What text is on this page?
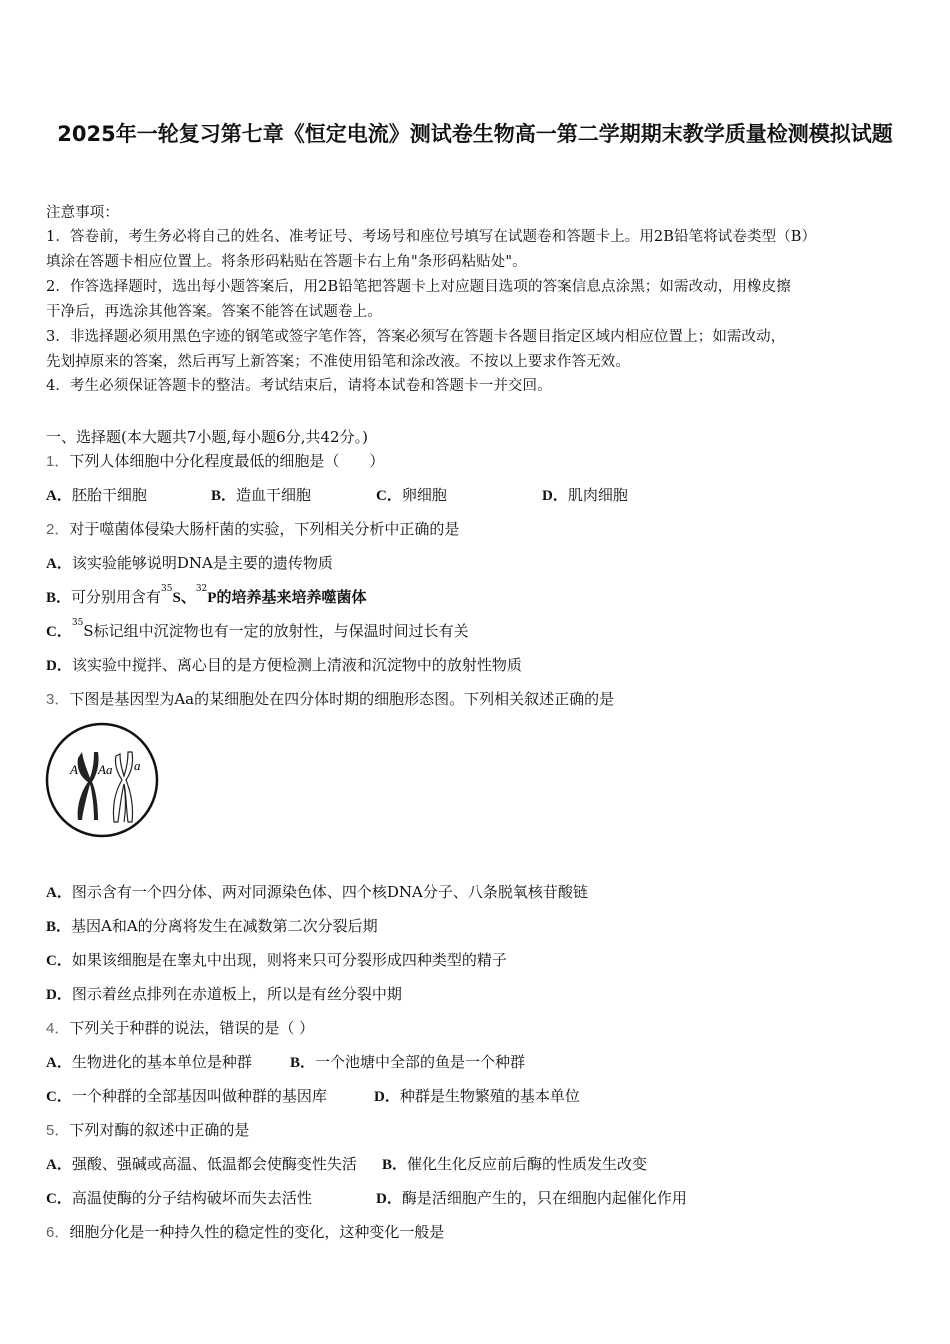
2025年一轮复习第七章《恒定电流》测试卷生物高一第二学期期末教学质量检测模拟试题
注意事项：
1．答卷前，考生务必将自己的姓名、准考证号、考场号和座位号填写在试题卷和答题卡上。用2B铅笔将试卷类型（B）
填涂在答题卡相应位置上。将条形码粘贴在答题卡右上角"条形码粘贴处"。
2．作答选择题时，选出每小题答案后，用2B铅笔把答题卡上对应题目选项的答案信息点涂黑；如需改动，用橡皮擦
干净后，再选涂其他答案。答案不能答在试题卷上。
3．非选择题必须用黑色字迹的钢笔或签字笔作答，答案必须写在答题卡各题目指定区域内相应位置上；如需改动，
先划掉原来的答案，然后再写上新答案；不准使用铅笔和涂改液。不按以上要求作答无效。
4．考生必须保证答题卡的整洁。考试结束后，请将本试卷和答题卡一并交回。
一、选择题(本大题共7小题,每小题6分,共42分。)
1．下列人体细胞中分化程度最低的细胞是（　　）
A．胚胎干细胞	B．造血干细胞	C．卵细胞	D．肌肉细胞
2．对于噬菌体侵染大肠杆菌的实验，下列相关分析中正确的是
A．该实验能够说明DNA是主要的遗传物质
B．可分别用含有$^{35}$S、$^{32}$P的培养基来培养噬菌体
C．$^{35}$S标记组中沉淀物也有一定的放射性，与保温时间过长有关
D．该实验中搅拌、离心目的是方便检测上清液和沉淀物中的放射性物质
3．下图是基因型为Aa的某细胞处在四分体时期的细胞形态图。下列相关叙述正确的是
A A a a
A．图示含有一个四分体、两对同源染色体、四个核DNA分子、八条脱氧核苷酸链
B．基因A和A的分离将发生在减数第二次分裂后期
C．如果该细胞是在睾丸中出现，则将来只可分裂形成四种类型的精子
D．图示着丝点排列在赤道板上，所以是有丝分裂中期
4．下列关于种群的说法，错误的是（ ）
A．生物进化的基本单位是种群	B．一个池塘中全部的鱼是一个种群
C．一个种群的全部基因叫做种群的基因库	D．种群是生物繁殖的基本单位
5．下列对酶的叙述中正确的是
A．强酸、强碱或高温、低温都会使酶变性失活 B．催化生化反应前后酶的性质发生改变
C．高温使酶的分子结构破坏而失去活性	D．酶是活细胞产生的，只在细胞内起催化作用
6．细胞分化是一种持久性的稳定性的变化，这种变化一般是
